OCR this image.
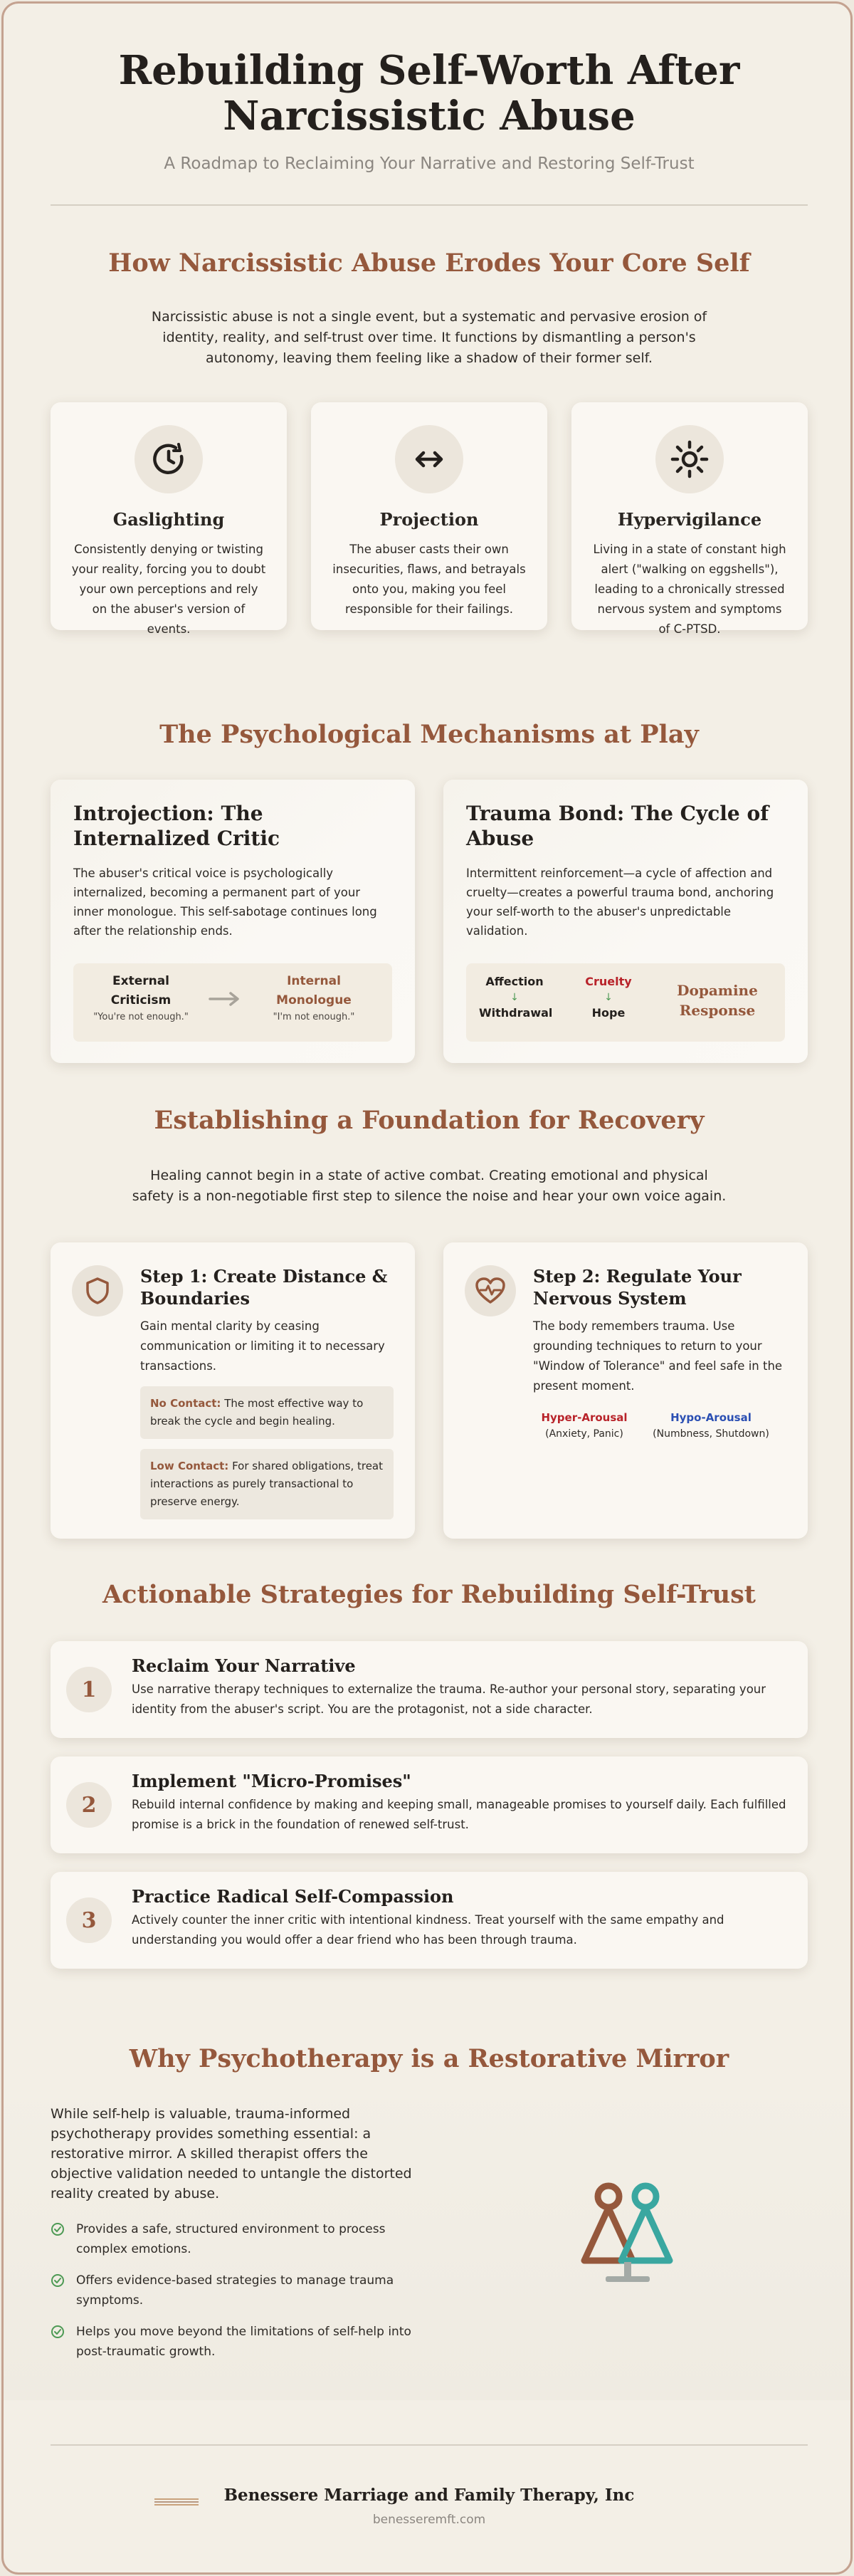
Rebuilding Self-Worth After
Narcissistic Abuse
A Roadmap to Reclaiming Your Narrative and Restoring Self-Trust
How Narcissistic Abuse Erodes Your Core Self
Narcissistic abuse is not a single event, but a systematic and pervasive erosion of identity, reality, and self-trust over time. It functions by dismantling a person's autonomy, leaving them feeling like a shadow of their former self.
Gaslighting
Consistently denying or twisting your reality, forcing you to doubt your own perceptions and rely on the abuser's version of events.
Projection
The abuser casts their own insecurities, flaws, and betrayals onto you, making you feel responsible for their failings.
Hypervigilance
Living in a state of constant high alert ("walking on eggshells"), leading to a chronically stressed nervous system and symptoms of C-PTSD.
The Psychological Mechanisms at Play
Introjection: The
Internalized Critic
The abuser's critical voice is psychologically internalized, becoming a permanent part of your inner monologue. This self-sabotage continues long after the relationship ends.
External
Criticism
"You're not enough."
Internal
Monologue
"I'm not enough."
Trauma Bond: The Cycle of
Abuse
Intermittent reinforcement—a cycle of affection and cruelty—creates a powerful trauma bond, anchoring your self-worth to the abuser's unpredictable validation.
Affection
↓
Withdrawal
Cruelty
↓
Hope
Dopamine
Response
Establishing a Foundation for Recovery
Healing cannot begin in a state of active combat. Creating emotional and physical safety is a non-negotiable first step to silence the noise and hear your own voice again.
Step 1: Create Distance &
Boundaries
Gain mental clarity by ceasing communication or limiting it to necessary transactions.
No Contact: The most effective way to break the cycle and begin healing.
Low Contact: For shared obligations, treat interactions as purely transactional to preserve energy.
Step 2: Regulate Your
Nervous System
The body remembers trauma. Use grounding techniques to return to your "Window of Tolerance" and feel safe in the present moment.
Hyper-Arousal
(Anxiety, Panic)
Hypo-Arousal
(Numbness, Shutdown)
Actionable Strategies for Rebuilding Self-Trust
1
Reclaim Your Narrative
Use narrative therapy techniques to externalize the trauma. Re-author your personal story, separating your identity from the abuser's script. You are the protagonist, not a side character.
2
Implement "Micro-Promises"
Rebuild internal confidence by making and keeping small, manageable promises to yourself daily. Each fulfilled promise is a brick in the foundation of renewed self-trust.
3
Practice Radical Self-Compassion
Actively counter the inner critic with intentional kindness. Treat yourself with the same empathy and understanding you would offer a dear friend who has been through trauma.
Why Psychotherapy is a Restorative Mirror
While self-help is valuable, trauma-informed psychotherapy provides something essential: a restorative mirror. A skilled therapist offers the objective validation needed to untangle the distorted reality created by abuse.
Provides a safe, structured environment to process complex emotions.
Offers evidence-based strategies to manage trauma symptoms.
Helps you move beyond the limitations of self-help into post-traumatic growth.
Benessere Marriage and Family Therapy, Inc
benesseremft.com
